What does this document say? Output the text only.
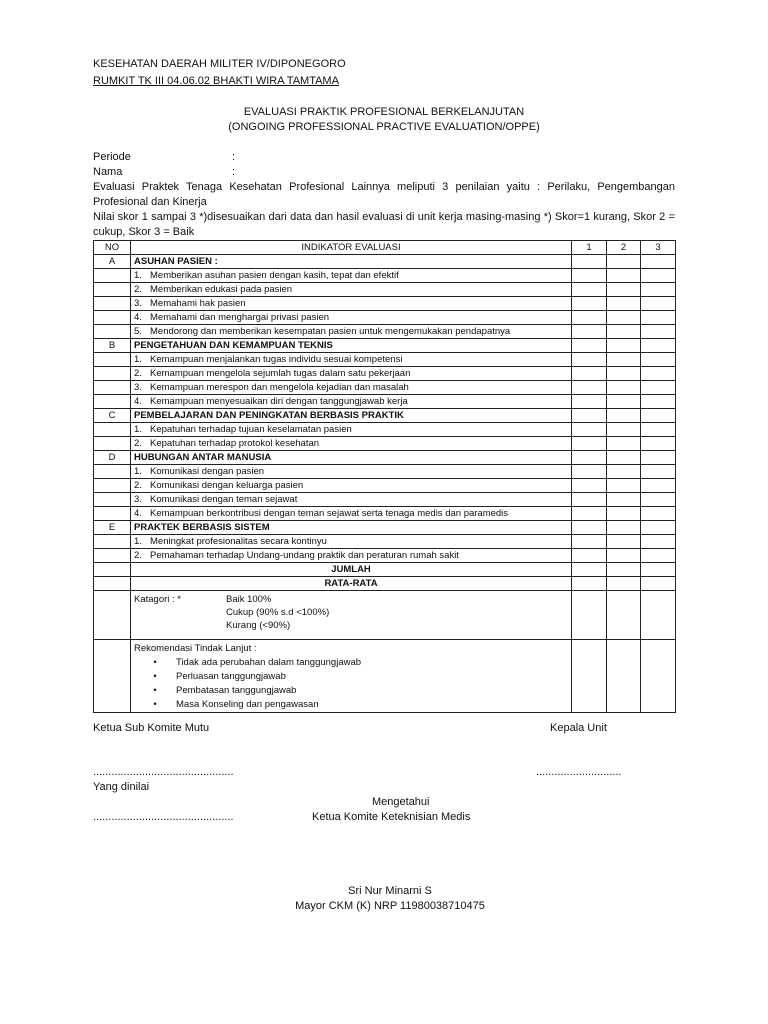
KESEHATAN DAERAH MILITER IV/DIPONEGORO
RUMKIT TK III 04.06.02 BHAKTI WIRA TAMTAMA
EVALUASI PRAKTIK PROFESIONAL BERKELANJUTAN
(ONGOING PROFESSIONAL PRACTIVE EVALUATION/OPPE)
Periode	:
Nama	:
Evaluasi Praktek Tenaga Kesehatan Profesional Lainnya meliputi 3 penilaian yaitu : Perilaku, Pengembangan Profesional dan Kinerja
Nilai skor 1 sampai 3 *)disesuaikan dari data dan hasil evaluasi di unit kerja masing-masing *) Skor=1 kurang, Skor 2 = cukup, Skor 3 = Baik
NO	INDIKATOR EVALUASI	1	2	3
A	ASUHAN PASIEN :			
	1. Memberikan asuhan pasien dengan kasih, tepat dan efektif			
	2. Memberikan edukasi pada pasien			
	3. Memahami hak pasien			
	4. Memahami dan menghargai privasi pasien			
	5. Mendorong dan memberikan kesempatan pasien untuk mengemukakan pendapatnya			
B	PENGETAHUAN DAN KEMAMPUAN TEKNIS			
	1. Kemampuan menjalankan tugas individu sesuai kompetensi			
	2. Kemampuan mengelola sejumlah tugas dalam satu pekerjaan			
	3. Kemampuan merespon dan mengelola kejadian dan masalah			
	4. Kemampuan menyesuaikan diri dengan tanggungjawab kerja			
C	PEMBELAJARAN DAN PENINGKATAN BERBASIS PRAKTIK			
	1. Kepatuhan terhadap tujuan keselamatan pasien			
	2. Kepatuhan terhadap protokol kesehatan			
D	HUBUNGAN ANTAR MANUSIA			
	1. Komunikasi dengan pasien			
	2. Komunikasi dengan keluarga pasien			
	3. Komunikasi dengan teman sejawat			
	4. Kemampuan berkontribusi dengan teman sejawat serta tenaga medis dan paramedis			
E	PRAKTEK BERBASIS SISTEM			
	1. Meningkat profesionalitas secara kontinyu			
	2. Pemahaman terhadap Undang-undang praktik dan peraturan rumah sakit			
	JUMLAH			
	RATA-RATA			

	Katagori : * Baik 100%
Cukup (90% s.d <100%)
Kurang (<90%)			

	Rekomendasi Tindak Lanjut :
• Tidak ada perubahan dalam tanggungjawab
• Perluasan tanggungjawab
• Pembatasan tanggungjawab
• Masa Konseling dan pengawasan			

Ketua Sub Komite Mutu	Kepala Unit
..............................................	............................
Yang dinilai
Mengetahui
..............................................	Ketua Komite Keteknisian Medis
Sri Nur Minarni S
Mayor CKM (K) NRP 11980038710475
